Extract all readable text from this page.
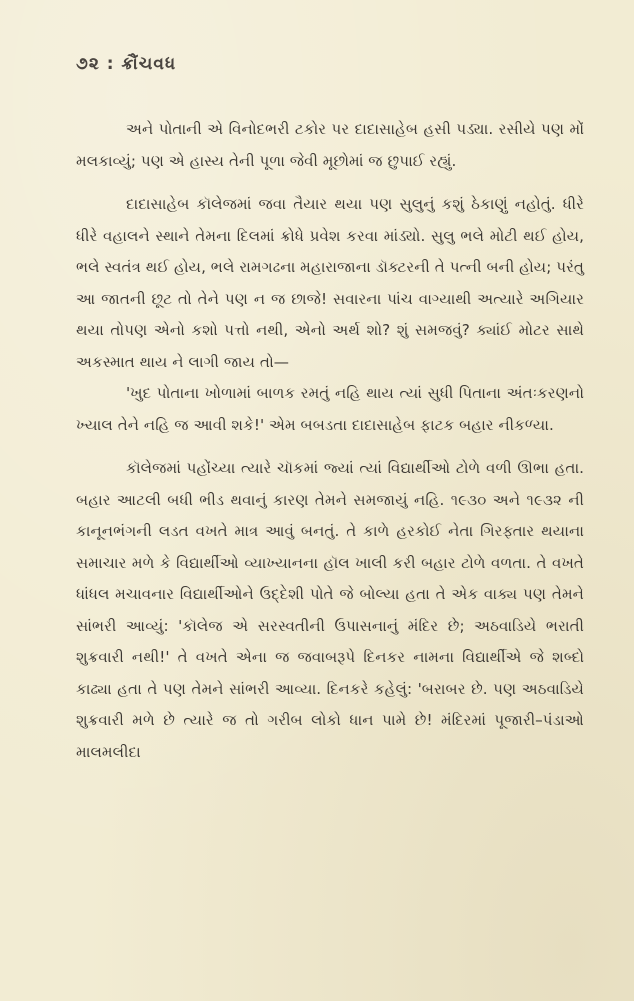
૭૨ : ક્રૌંચવધ

અને પોતાની એ વિનોદભરી ટકોર પર દાદાસાહેબ હસી પડ્યા. રસીયે પણ મોં મલકાવ્યું; પણ એ હાસ્ય તેની પૂળા જેવી મૂછોમાં જ છુપાઈ રહ્યું.

દાદાસાહેબ કૉલેજમાં જવા તૈયાર થયા પણ સુલુનું કશું ઠેકાણું નહોતું. ધીરે ધીરે વહાલને સ્થાને તેમના દિલમાં ક્રોધે પ્રવેશ કરવા માંડ્યો. સુલુ ભલે મોટી થઈ હોય, ભલે સ્વતંત્ર થઈ હોય, ભલે રામગઢના મહારાજાના ડૉક્ટરની તે પત્ની બની હોય; પરંતુ આ જાતની છૂટ તો તેને પણ ન જ છાજે! સવારના પાંચ વાગ્યાથી અત્યારે અગિયાર થયા તોપણ એનો કશો પત્તો નથી, એનો અર્થ શો? શું સમજવું? ક્યાંઈ મોટર સાથે અકસ્માત થાય ને લાગી જાય તો—

'ખુદ પોતાના ખોળામાં બાળક રમતું નહિ થાય ત્યાં સુધી પિતાના અંતઃકરણનો ખ્યાલ તેને નહિ જ આવી શકે!' એમ બબડતા દાદાસાહેબ ફાટક બહાર નીકળ્યા.

કૉલેજમાં પહોંચ્યા ત્યારે ચૉકમાં જ્યાં ત્યાં વિદ્યાર્થીઓ ટોળે વળી ઊભા હતા. બહાર આટલી બધી ભીડ થવાનું કારણ તેમને સમજાયું નહિ. ૧૯૩૦ અને ૧૯૩૨ ની કાનૂનભંગની લડત વખતે માત્ર આવું બનતું. તે કાળે હરકોઈ નેતા ગિરફ્તાર થયાના સમાચાર મળે કે વિદ્યાર્થીઓ વ્યાખ્યાનના હૉલ ખાલી કરી બહાર ટોળે વળતા. તે વખતે ધાંધલ મચાવનાર વિદ્યાર્થીઓને ઉદ્દેશી પોતે જે બોલ્યા હતા તે એક વાક્ય પણ તેમને સાંભરી આવ્યું: 'કૉલેજ એ સરસ્વતીની ઉપાસનાનું મંદિર છે; અઠવાડિયે ભરાતી શુક્રવારી નથી!' તે વખતે એના જ જવાબરૂપે દિનકર નામના વિદ્યાર્થીએ જે શબ્દો કાઢ્યા હતા તે પણ તેમને સાંભરી આવ્યા. દિનકરે કહેલું: 'બરાબર છે. પણ અઠવાડિયે શુક્રવારી મળે છે ત્યારે જ તો ગરીબ લોકો ધાન પામે છે! મંદિરમાં પૂજારી–પંડાઓ માલમલીદા
